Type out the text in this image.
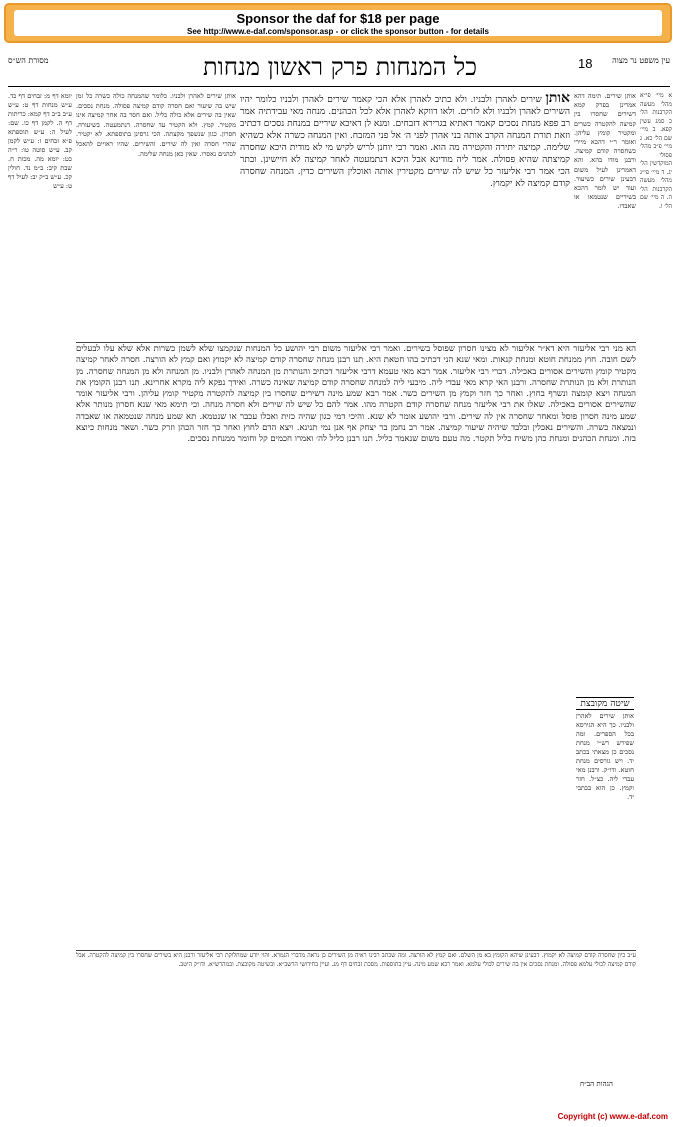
Sponsor the daf for $18 per page
See http://www.e-daf.com/sponsor.asp - or click the sponsor button - for details
מסורת הש״ס	כל המנחות פרק ראשון מנחות	18	עין משפט נר מצוה
יומא דף מ: זבחים דף כד. ע״ש מנחות דף ט: ע״ש ע״ב ב״ב דף קמא: כריתות דף ה. לקמן דף כו. שם: לעיל ה: ע״ש תוספתא פ״א זבחים ז: ע״ש לקמן קב. ע״ש סוטה טו: ר״ה כט: יומא מה. מכות ח. שבת קיב: ב״מ נד. חולין קכ. ע״ש ב״ק יב: לעיל דף ט: ע״ש
אותן שירים לאהרן ולבניו. כלומר שהמנחה כולה כשרה כל זמן שיש בה שיעור ואם חסרה קודם קמיצה פסולה. מנחת נסכים. שאין בה שירים אלא כולה כליל. ואם חסר בה אחר קמיצה אינו מקטיר. קמץ. ולא הקטיר עד שחסרה. דנתמעטה. בשיעורה. חסרון. כגון שנשפך מקצתה. הכי גרסינן בתוספתא. לא יקטיר. שהרי חסרה ואין לה שירים. והשירים. שהיו ראויים להאכל לכהנים נאסרו. שאין כאן מנחה שלימה.
אותן שירים לאהרן ולבניו. ולא כתיב לאהרן אלא הכי קאמר שירים לאהרן ולבניו כלומר יהיו השירים לאהרן ולבניו ולא לזרים. ולאו דווקא לאהרן אלא לכל הכהנים. מנחה מאי עבידתיה אמר רב פפא מנחת נסכים קאמר דאתיא בגרירא דזבחים. ומנא לן דאיכא שיריים במנחת נסכים דכתיב וזאת תורת המנחה הקרב אותה בני אהרן לפני ה׳ אל פני המזבח. ואין המנחה כשרה אלא כשהיא שלימה. קמיצה יתירה והקטירה מה הוא. ואמר רבי יוחנן לריש לקיש מי לא מודית היכא שחסרה קמיצתה שהיא פסולה. אמר ליה מודינא אבל היכא דנתמעטה לאחר קמיצה לא חיישינן. ובתר הכי אמר רבי אליעזר כל שיש לה שירים מקטירין אותה ואוכלין השירים כדין. המנחה שחסרה קודם קמיצה לא יקמוץ.
אותן שירים. תימה דהא אמרינן בפרק קמא דשירים שחסרו בין קמיצה להקטרה כשרים ומקטיר קומץ עליהן. ואומר ר״י דהכא מיירי כשחסרה קודם קמיצה. ורבנן מודו בהא. והא דאמרינן לעיל משום דבעינן שירים כשיעור. ועוד יש לומר דהכא בשיריים שנטמאו או שאבדו.
א מיי׳ פי״א מהל׳ מעשה הקרבנות הל׳ כ סמג עשין קפא. ב מיי׳ שם הל׳ כא. ג מיי׳ פ״ב מהל׳ פסולי המוקדשין הל׳ יג. ד מיי׳ פי״ג מהל׳ מעשה הקרבנות הל׳ ה. ה מיי׳ שם הל׳ ו.
הא מני רבי אליעזר היא דא״ר אליעזר לא מצינו חסרון שפוסל בשירים. ואמר רבי אליעזר משום רבי יהושע כל המנחות שנקמצו שלא לשמן כשרות אלא שלא עלו לבעלים לשם חובה. חוץ ממנחת חוטא ומנחת קנאות. ומאי שנא הני דכתיב בהו חטאת היא. תנו רבנן מנחה שחסרה קודם קמיצה לא יקמוץ ואם קמץ לא הורצה. חסרה לאחר קמיצה מקטיר קומץ והשירים אסורים באכילה. דברי רבי אליעזר. אמר רבא מאי טעמא דרבי אליעזר דכתיב והנותרת מן המנחה לאהרן ולבניו. מן המנחה ולא מן המנחה שחסרה. מן הנותרת ולא מן הנותרת שחסרה. ורבנן האי קרא מאי עבדי ליה. מיבעי ליה למנחה שחסרה קודם קמיצה שאינה כשרה. ואידך נפקא ליה מקרא אחרינא. תנו רבנן הקומץ את המנחה ויצא קומצה ונשרף בחוץ. ואחר כך חזר וקמץ מן השירים כשר. אמר רבא שמע מינה דשירים שחסרו בין קמיצה להקטרה מקטיר קומץ עליהן. ורבי אליעזר אומר שהשירים אסורים באכילה. שאלו את רבי אליעזר מנחה שחסרה קודם הקטרה מהו. אמר להם כל שיש לה שירים ולא חסרה מנחה. וכי תימא מאי שנא חסרון מנותר אלא שמע מינה חסרון פוסל ומאחר שחסרה אין לה שירים. ורבי יהושע אומר לא שנא. והיכי דמי כגון שהיה כזית ואכלו עכבר או שנטמא. תא שמע מנחה שנטמאה או שאבדה ונמצאה כשרה. והשירים נאכלין ובלבד שיהיה שיעור קמיצה. אמר רב נחמן בר יצחק אף אנן נמי תנינא. ויצא הדם לחוץ ואחר כך חזר הכהן וזרק כשר. ושאר מנחות כיוצא בזה. ומנחת הכהנים ומנחת כהן משיח כליל תקטר. מה טעם משום שנאמר כליל. תנו רבנן כליל לה׳ ואמרו חכמים קל וחומר ממנחת נסכים.
שיטה מקובצת
אותן שירים לאהרן ולבניו. כך היא הגירסא בכל הספרים. ומה שפירש רש״י מנחת נסכים כן מצאתי בכתב יד. ויש גורסים מנחת חוטא. ודו״ק. ורבנן מאי עבדי ליה. כצ״ל. חזר וקמץ. כן הוא בכתבי יד.
ע״ב כיון שחסרה קודם קמיצה לא יקמוץ. דבעינן שיהא הקומץ בא מן השלם. ואם קמץ לא הורצה. ומה שכתב רבינו ראיה מן השירים כן נראה מדברי הגמרא. והוי יודע שמחלוקת רבי אליעזר ורבנן היא בשירים שחסרו בין קמיצה להקטרה. אבל קודם קמיצה לכולי עלמא פסולה. ומנחת נסכים אין בה שירים לכולי עלמא. ואמר רבא שמע מינה. עיין בתוספות. מסכת זבחים דף מג. ועיין בחידושי הרשב״א. ובשיטה מקובצת. ובמהרש״א. ודו״ק היטב.
הגהות הב״ח
Copyright (c) www.e-daf.com
